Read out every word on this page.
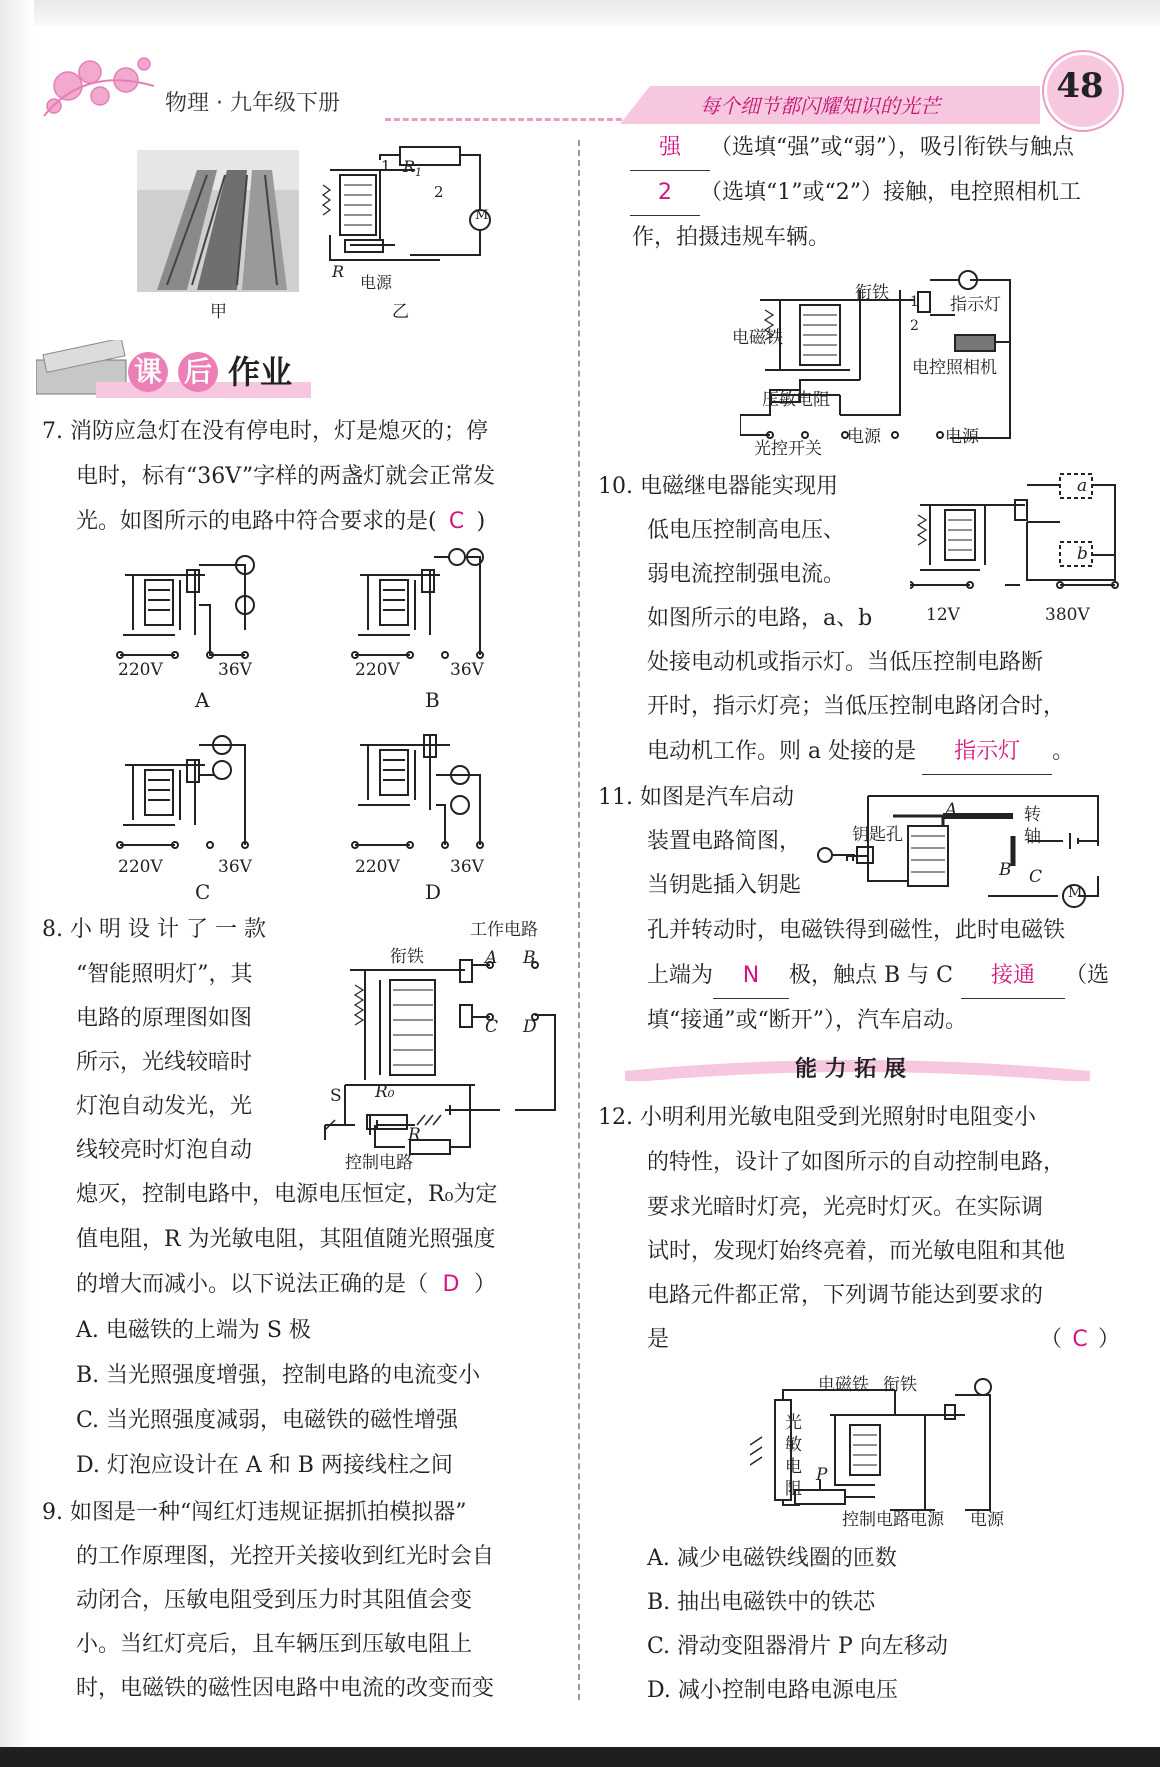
物理 · 九年级下册	每个细节都闪耀知识的光芒	48
甲
$R_1$
1
2
M
R
电源
乙
课 后 作业
7. 消防应急灯在没有停电时，灯是熄灭的；停
电时，标有“36V”字样的两盏灯就会正常发
光。如图所示的电路中符合要求的是( C )
220V	36V
A
220V	36V
B
220V	36V
C
220V	36V
D
8. 小 明 设 计 了 一 款
“智能照明灯”，其
电路的原理图如图
所示，光线较暗时
灯泡自动发光，光
线较亮时灯泡自动
工作电路
衔铁	A B
C D
S R₀
R
控制电路
熄灭，控制电路中，电源电压恒定，R₀为定
值电阻，R 为光敏电阻，其阻值随光照强度
的增大而减小。以下说法正确的是（ D ）
A. 电磁铁的上端为 S 极
B. 当光照强度增强，控制电路的电流变小
C. 当光照强度减弱，电磁铁的磁性增强
D. 灯泡应设计在 A 和 B 两接线柱之间
9. 如图是一种“闯红灯违规证据抓拍模拟器”
的工作原理图，光控开关接收到红光时会自
动闭合，压敏电阻受到压力时其阻值会变
小。当红灯亮后，且车辆压到压敏电阻上
时，电磁铁的磁性因电路中电流的改变而变
强 （选填“强”或“弱”），吸引衔铁与触点
2 （选填“1”或“2”）接触，电控照相机工
作，拍摄违规车辆。
衔铁
电磁铁
指示灯
电控照相机
1
2
压敏电阻
光控开关
电源	电源
10. 电磁继电器能实现用
低电压控制高电压、
弱电流控制强电流。
如图所示的电路，a、b
a
b
12V	380V
处接电动机或指示灯。当低压控制电路断
开时，指示灯亮；当低压控制电路闭合时，
电动机工作。则 a 处接的是 指示灯 。
11. 如图是汽车启动
装置电路简图，
当钥匙插入钥匙
钥匙孔
A	转
轴
B C
M
孔并转动时，电磁铁得到磁性，此时电磁铁
上端为 N 极，触点 B 与 C 接通 （选
填“接通”或“断开”），汽车启动。
能 力 拓 展
12. 小明利用光敏电阻受到光照射时电阻变小
的特性，设计了如图所示的自动控制电路，
要求光暗时灯亮，光亮时灯灭。在实际调
试时，发现灯始终亮着，而光敏电阻和其他
电路元件都正常，下列调节能达到要求的
是	（ C ）
电磁铁 衔铁
光
敏
电
阻
P
控制电路电源 电源
A. 减少电磁铁线圈的匝数
B. 抽出电磁铁中的铁芯
C. 滑动变阻器滑片 P 向左移动
D. 减小控制电路电源电压
